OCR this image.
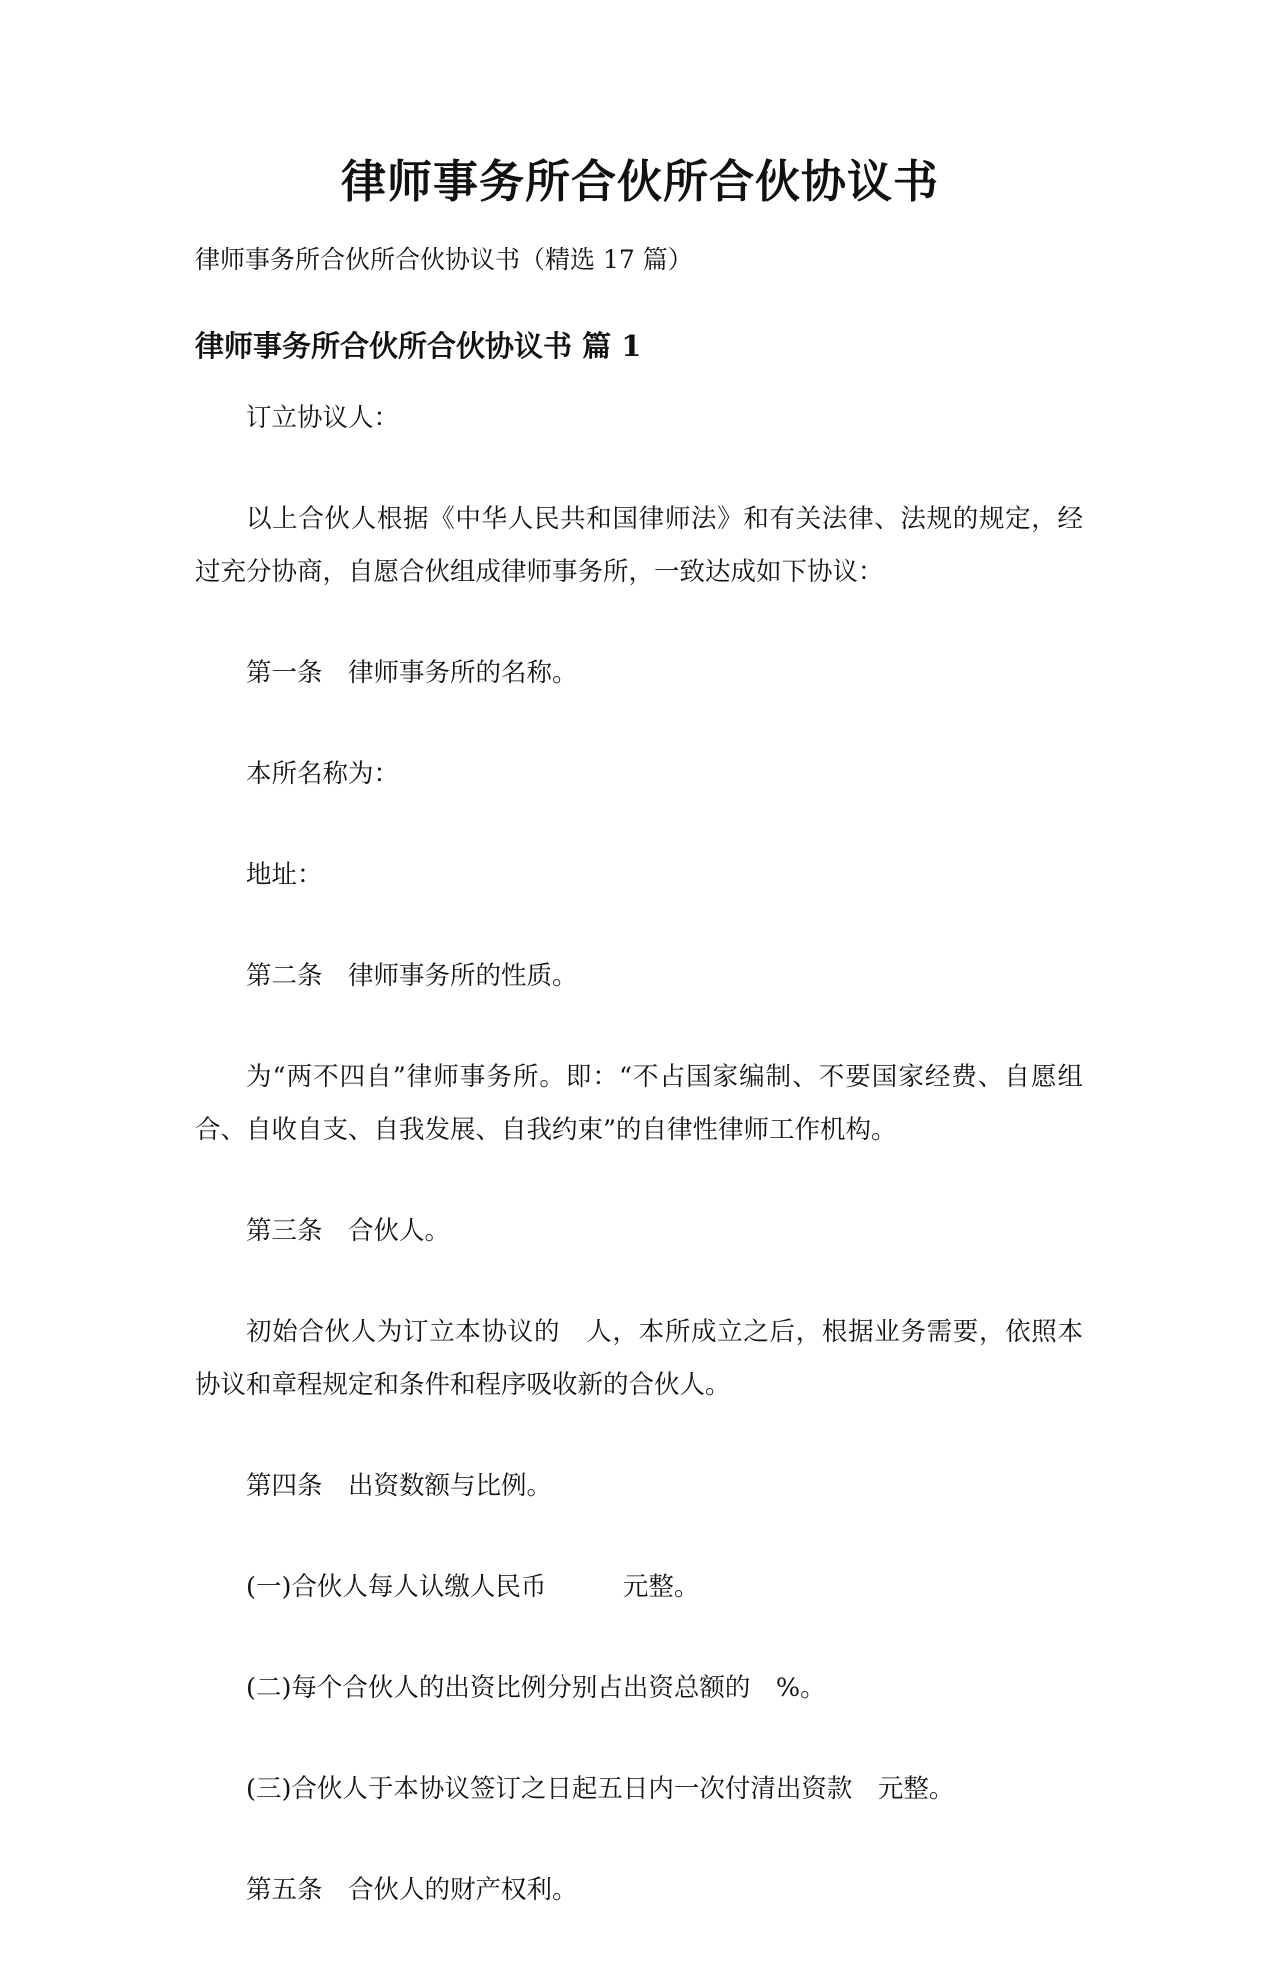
律师事务所合伙所合伙协议书
律师事务所合伙所合伙协议书（精选 17 篇）
律师事务所合伙所合伙协议书 篇 1

订立协议人：

以上合伙人根据《中华人民共和国律师法》和有关法律、法规的规定，经过充分协商，自愿合伙组成律师事务所，一致达成如下协议：

第一条　律师事务所的名称。

本所名称为：

地址：

第二条　律师事务所的性质。

为“两不四自”律师事务所。即：“不占国家编制、不要国家经费、自愿组合、自收自支、自我发展、自我约束”的自律性律师工作机构。

第三条　合伙人。

初始合伙人为订立本协议的　人，本所成立之后，根据业务需要，依照本协议和章程规定和条件和程序吸收新的合伙人。

第四条　出资数额与比例。

(一)合伙人每人认缴人民币　　　元整。

(二)每个合伙人的出资比例分别占出资总额的　%。

(三)合伙人于本协议签订之日起五日内一次付清出资款　元整。

第五条　合伙人的财产权利。
